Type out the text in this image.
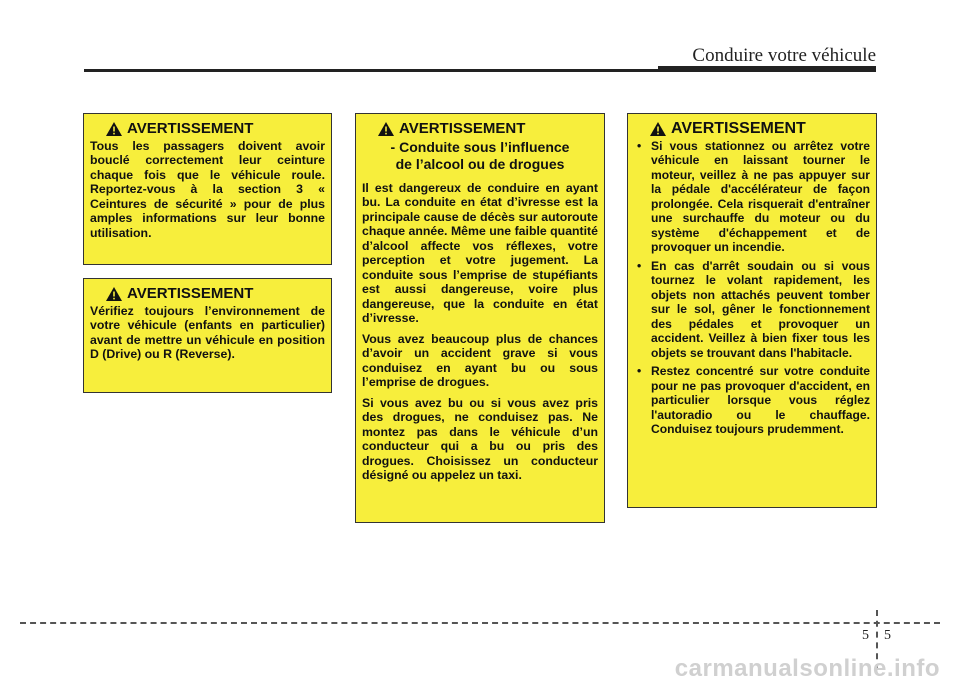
Conduire votre véhicule
AVERTISSEMENT

Tous les passagers doivent avoir bouclé correctement leur ceinture chaque fois que le véhicule roule. Reportez-vous à la section 3 « Ceintures de sécurité » pour de plus amples informations sur leur bonne utilisation.

AVERTISSEMENT

Vérifiez toujours l’environnement de votre véhicule (enfants en particulier) avant de mettre un véhicule en position D (Drive) ou R (Reverse).

AVERTISSEMENT
- Conduite sous l’influence
de l’alcool ou de drogues

Il est dangereux de conduire en ayant bu. La conduite en état d’ivresse est la principale cause de décès sur autoroute chaque année. Même une faible quantité d’alcool affecte vos réflexes, votre perception et votre jugement. La conduite sous l’emprise de stupéfiants est aussi dangereuse, voire plus dangereuse, que la conduite en état d’ivresse.

Vous avez beaucoup plus de chances d’avoir un accident grave si vous conduisez en ayant bu ou sous l’emprise de drogues.

Si vous avez bu ou si vous avez pris des drogues, ne conduisez pas. Ne montez pas dans le véhicule d’un conducteur qui a bu ou pris des drogues. Choisissez un conducteur désigné ou appelez un taxi.

AVERTISSEMENT
• Si vous stationnez ou arrêtez votre véhicule en laissant tourner le moteur, veillez à ne pas appuyer sur la pédale d'accélérateur de façon prolongée. Cela risquerait d'entraîner une surchauffe du moteur ou du système d'échappement et de provoquer un incendie.
• En cas d'arrêt soudain ou si vous tournez le volant rapidement, les objets non attachés peuvent tomber sur le sol, gêner le fonctionnement des pédales et provoquer un accident. Veillez à bien fixer tous les objets se trouvant dans l'habitacle.
• Restez concentré sur votre conduite pour ne pas provoquer d'accident, en particulier lorsque vous réglez l'autoradio ou le chauffage. Conduisez toujours prudemment.
5 5
carmanualsonline.info
